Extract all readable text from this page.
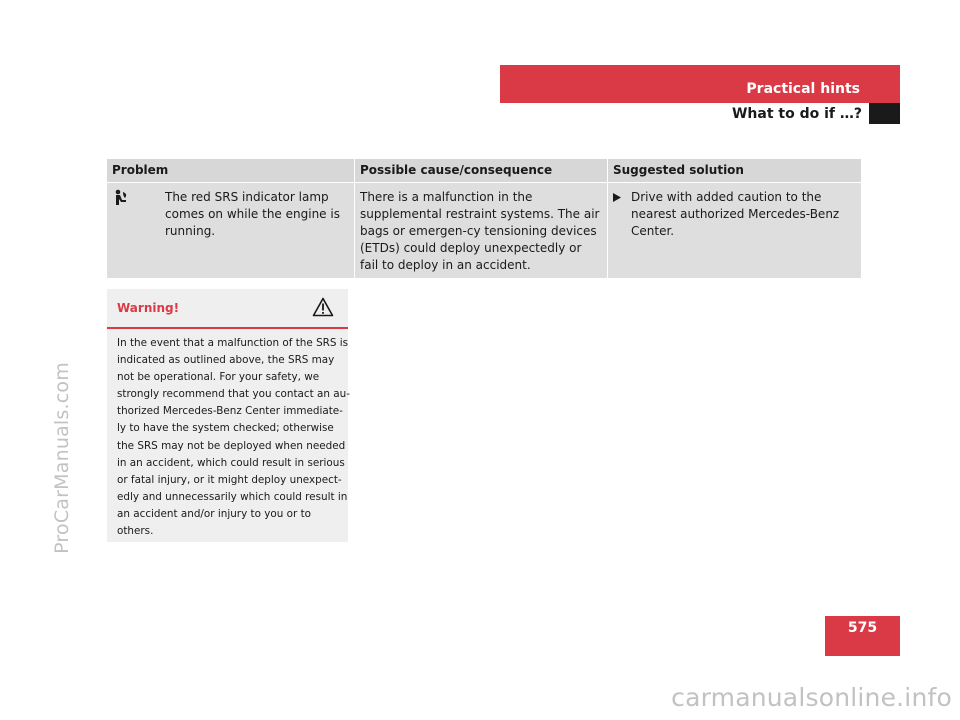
ProCarManuals.com
Practical hints
What to do if …?
Problem	Possible cause/consequence	Suggested solution
The red SRS indicator lamp comes on while the engine is running.
There is a malfunction in the supplemental restraint systems. The air bags or emergen-cy tensioning devices (ETDs) could deploy unexpectedly or fail to deploy in an accident.
Drive with added caution to the nearest authorized Mercedes-Benz Center.
Warning!
In the event that a malfunction of the SRS is
indicated as outlined above, the SRS may
not be operational. For your safety, we
strongly recommend that you contact an au-
thorized Mercedes-Benz Center immediate-
ly to have the system checked; otherwise
the SRS may not be deployed when needed
in an accident, which could result in serious
or fatal injury, or it might deploy unexpect-
edly and unnecessarily which could result in
an accident and/or injury to you or to
others.
575
carmanualsonline.info
